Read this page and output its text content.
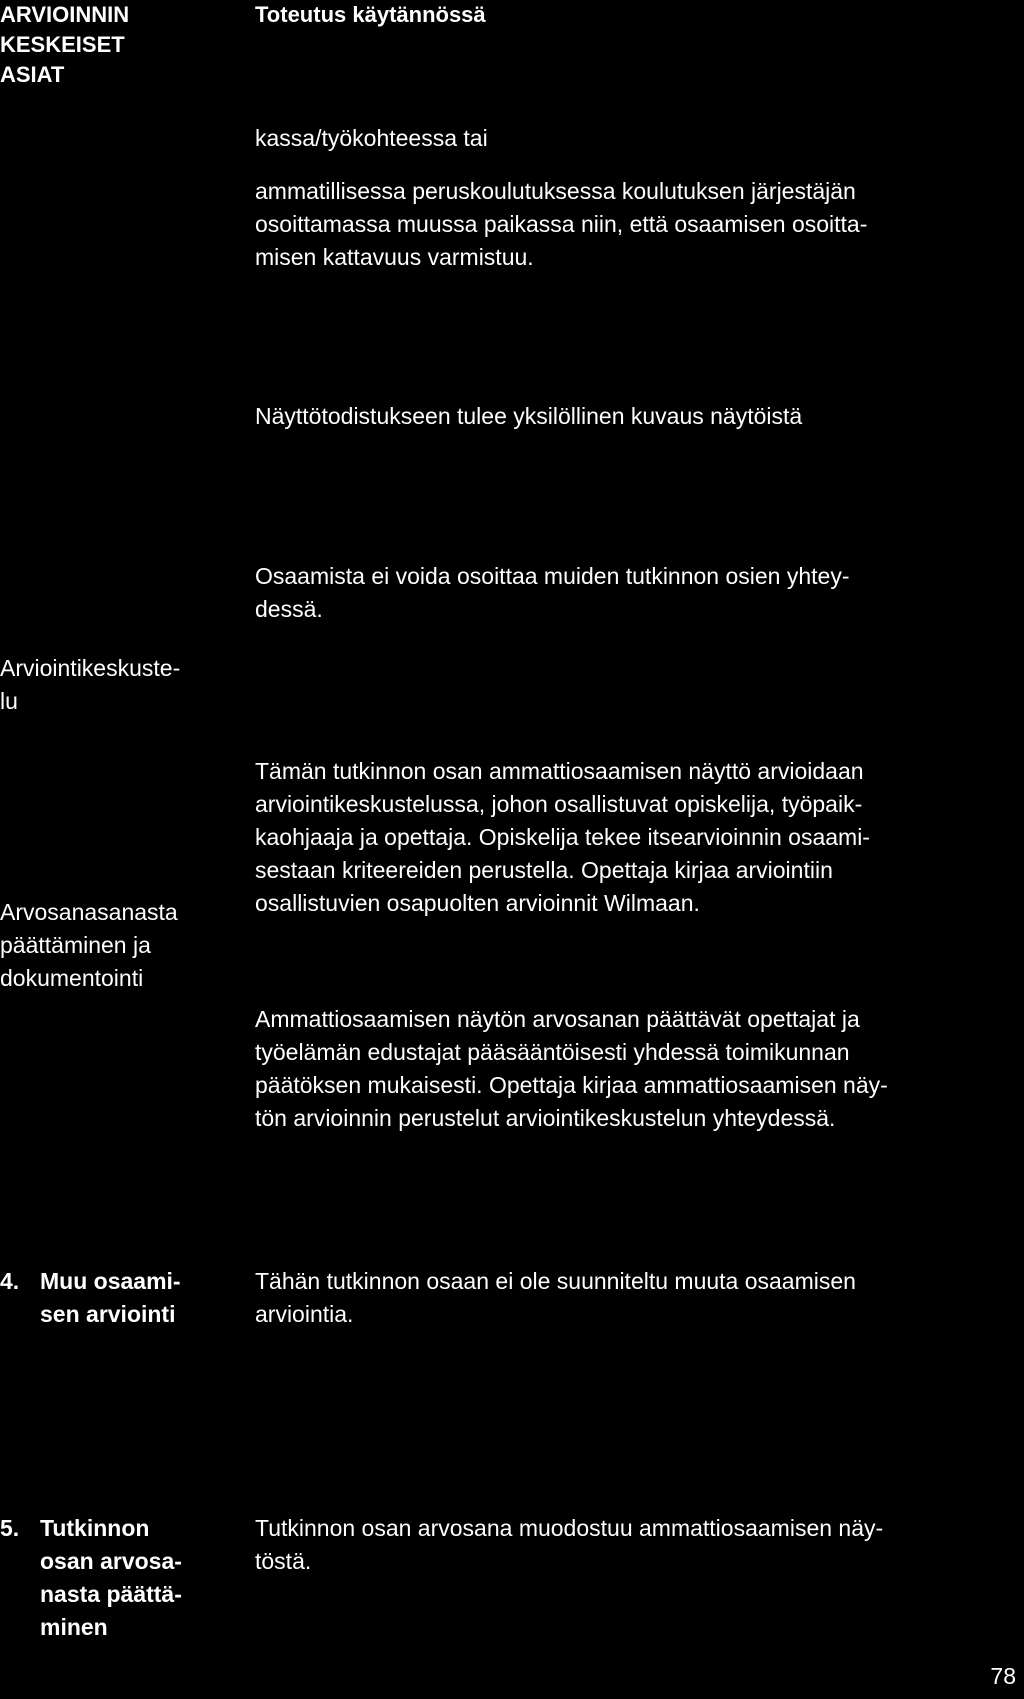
ARVIOINNIN
KESKEISET
ASIAT
Toteutus käytännössä
kassa/työkohteessa tai
ammatillisessa peruskoulutuksessa koulutuksen järjestäjän
osoittamassa muussa paikassa niin, että osaamisen osoitta-
misen kattavuus varmistuu.
Näyttötodistukseen tulee yksilöllinen kuvaus näytöistä
Osaamista ei voida osoittaa muiden tutkinnon osien yhtey-
dessä.
Arviointikeskuste-
lu
Tämän tutkinnon osan ammattiosaamisen näyttö arvioidaan
arviointikeskustelussa, johon osallistuvat opiskelija, työpaik-
kaohjaaja ja opettaja. Opiskelija tekee itsearvioinnin osaami-
sestaan kriteereiden perustella. Opettaja kirjaa arviointiin
osallistuvien osapuolten arvioinnit Wilmaan.
Arvosanasanasta
päättäminen ja
dokumentointi
Ammattiosaamisen näytön arvosanan päättävät opettajat ja
työelämän edustajat pääsääntöisesti yhdessä toimikunnan
päätöksen mukaisesti. Opettaja kirjaa ammattiosaamisen näy-
tön arvioinnin perustelut arviointikeskustelun yhteydessä.
4. Muu osaami-
sen arviointi
Tähän tutkinnon osaan ei ole suunniteltu muuta osaamisen
arviointia.
5. Tutkinnon
osan arvosa-
nasta päättä-
minen
Tutkinnon osan arvosana muodostuu ammattiosaamisen näy-
töstä.
78
